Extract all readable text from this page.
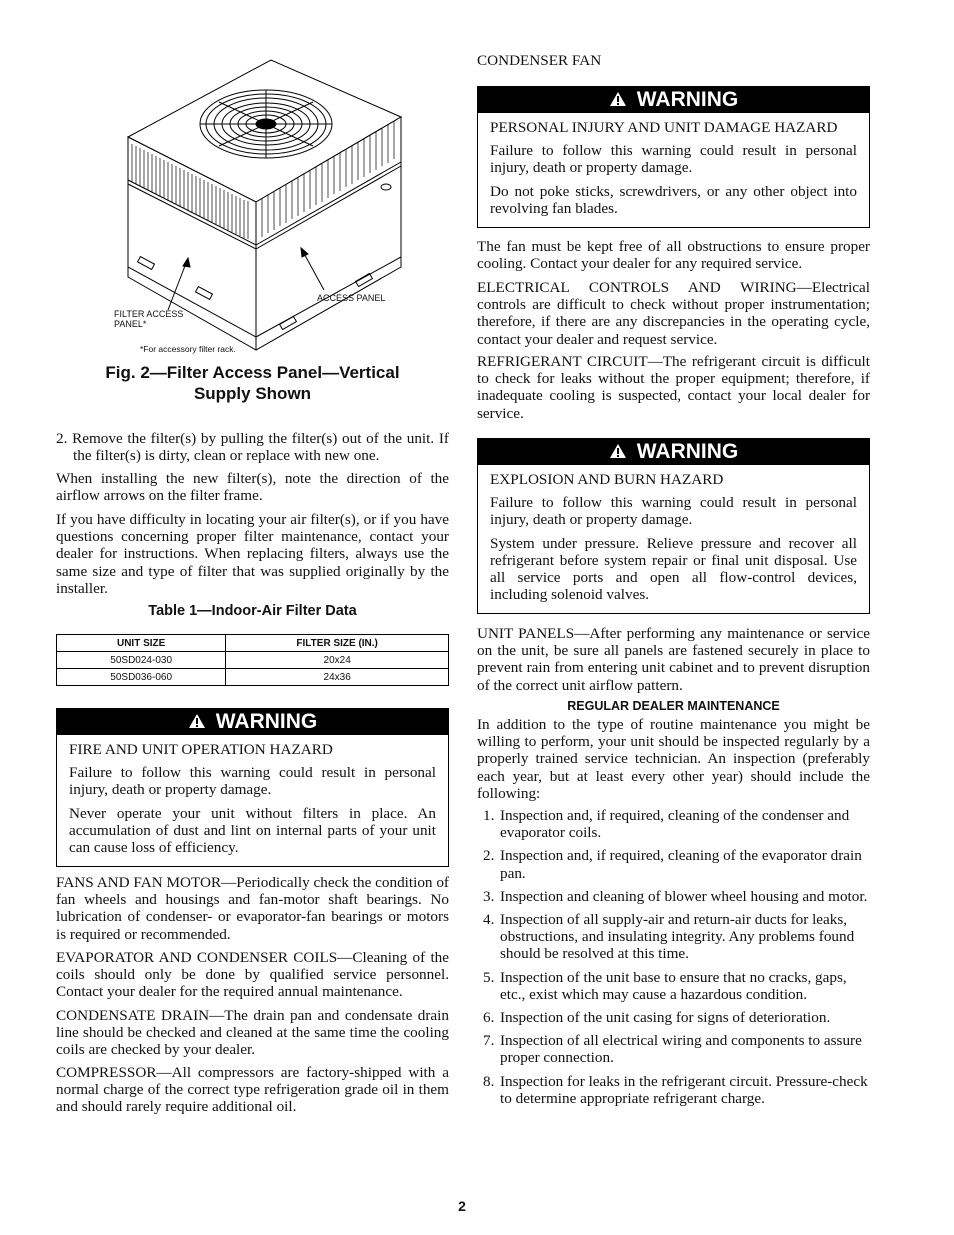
FILTER ACCESS PANEL*
ACCESS PANEL
*For accessory filter rack.
Fig. 2—Filter Access Panel—Vertical
Supply Shown

2. Remove the filter(s) by pulling the filter(s) out of the unit. If the filter(s) is dirty, clean or replace with new one.

When installing the new filter(s), note the direction of the airflow arrows on the filter frame.

If you have difficulty in locating your air filter(s), or if you have questions concerning proper filter maintenance, contact your dealer for instructions. When replacing filters, always use the same size and type of filter that was supplied originally by the installer.

Table 1—Indoor-Air Filter Data
UNIT SIZE	FILTER SIZE (IN.)
50SD024-030	20x24
50SD036-060	24x36
WARNING

FIRE AND UNIT OPERATION HAZARD

Failure to follow this warning could result in personal injury, death or property damage.

Never operate your unit without filters in place. An accumulation of dust and lint on internal parts of your unit can cause loss of efficiency.

FANS AND FAN MOTOR—Periodically check the condition of fan wheels and housings and fan-motor shaft bearings. No lubrication of condenser- or evaporator-fan bearings or motors is required or recommended.

EVAPORATOR AND CONDENSER COILS—Cleaning of the coils should only be done by qualified service personnel. Contact your dealer for the required annual maintenance.

CONDENSATE DRAIN—The drain pan and condensate drain line should be checked and cleaned at the same time the cooling coils are checked by your dealer.

COMPRESSOR—All compressors are factory-shipped with a normal charge of the correct type refrigeration grade oil in them and should rarely require additional oil.

CONDENSER FAN

WARNING

PERSONAL INJURY AND UNIT DAMAGE HAZARD

Failure to follow this warning could result in personal injury, death or property damage.

Do not poke sticks, screwdrivers, or any other object into revolving fan blades.

The fan must be kept free of all obstructions to ensure proper cooling. Contact your dealer for any required service.

ELECTRICAL CONTROLS AND WIRING—Electrical controls are difficult to check without proper instrumentation; therefore, if there are any discrepancies in the operating cycle, contact your dealer and request service.

REFRIGERANT CIRCUIT—The refrigerant circuit is difficult to check for leaks without the proper equipment; therefore, if inadequate cooling is suspected, contact your local dealer for service.

WARNING

EXPLOSION AND BURN HAZARD

Failure to follow this warning could result in personal injury, death or property damage.

System under pressure. Relieve pressure and recover all refrigerant before system repair or final unit disposal. Use all service ports and open all flow-control devices, including solenoid valves.

UNIT PANELS—After performing any maintenance or service on the unit, be sure all panels are fastened securely in place to prevent rain from entering unit cabinet and to prevent disruption of the correct unit airflow pattern.

REGULAR DEALER MAINTENANCE

In addition to the type of routine maintenance you might be willing to perform, your unit should be inspected regularly by a properly trained service technician. An inspection (preferably each year, but at least every other year) should include the following:

1. Inspection and, if required, cleaning of the condenser and evaporator coils.
2. Inspection and, if required, cleaning of the evaporator drain pan.
3. Inspection and cleaning of blower wheel housing and motor.
4. Inspection of all supply-air and return-air ducts for leaks, obstructions, and insulating integrity. Any problems found should be resolved at this time.
5. Inspection of the unit base to ensure that no cracks, gaps, etc., exist which may cause a hazardous condition.
6. Inspection of the unit casing for signs of deterioration.
7. Inspection of all electrical wiring and components to assure proper connection.
8. Inspection for leaks in the refrigerant circuit. Pressure-check to determine appropriate refrigerant charge.
2
